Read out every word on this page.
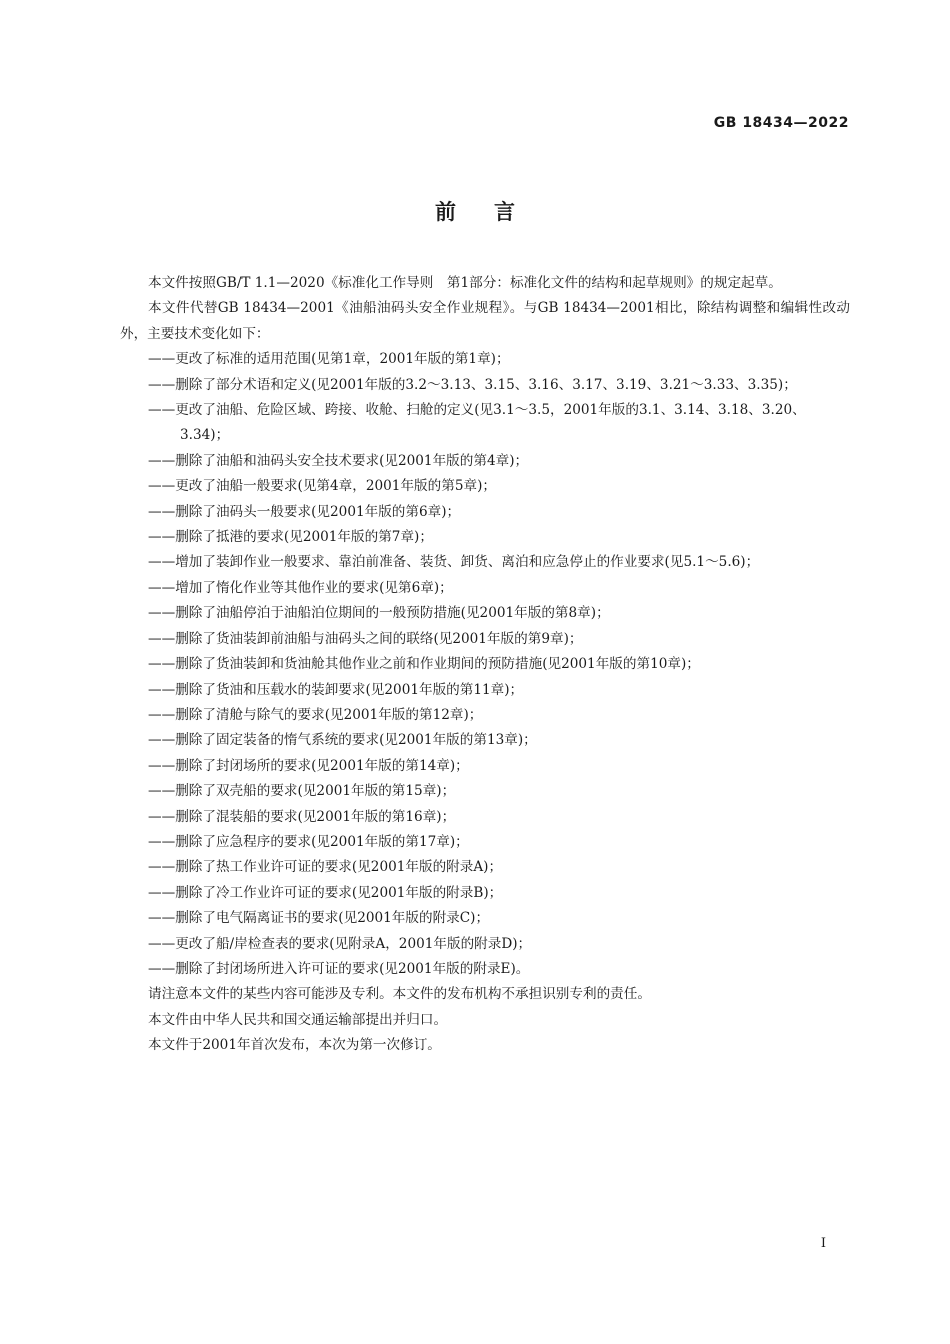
GB 18434—2022
前言

本文件按照GB/T 1.1—2020《标准化工作导则　第1部分：标准化文件的结构和起草规则》的规定起草。

本文件代替GB 18434—2001《油船油码头安全作业规程》。与GB 18434—2001相比，除结构调整和编辑性改动外，主要技术变化如下：

——更改了标准的适用范围(见第1章，2001年版的第1章)；
——删除了部分术语和定义(见2001年版的3.2～3.13、3.15、3.16、3.17、3.19、3.21～3.33、3.35)；
——更改了油船、危险区域、跨接、收舱、扫舱的定义(见3.1～3.5，2001年版的3.1、3.14、3.18、3.20、3.34)；
——删除了油船和油码头安全技术要求(见2001年版的第4章)；
——更改了油船一般要求(见第4章，2001年版的第5章)；
——删除了油码头一般要求(见2001年版的第6章)；
——删除了抵港的要求(见2001年版的第7章)；
——增加了装卸作业一般要求、靠泊前准备、装货、卸货、离泊和应急停止的作业要求(见5.1～5.6)；
——增加了惰化作业等其他作业的要求(见第6章)；
——删除了油船停泊于油船泊位期间的一般预防措施(见2001年版的第8章)；
——删除了货油装卸前油船与油码头之间的联络(见2001年版的第9章)；
——删除了货油装卸和货油舱其他作业之前和作业期间的预防措施(见2001年版的第10章)；
——删除了货油和压载水的装卸要求(见2001年版的第11章)；
——删除了清舱与除气的要求(见2001年版的第12章)；
——删除了固定装备的惰气系统的要求(见2001年版的第13章)；
——删除了封闭场所的要求(见2001年版的第14章)；
——删除了双壳船的要求(见2001年版的第15章)；
——删除了混装船的要求(见2001年版的第16章)；
——删除了应急程序的要求(见2001年版的第17章)；
——删除了热工作业许可证的要求(见2001年版的附录A)；
——删除了冷工作业许可证的要求(见2001年版的附录B)；
——删除了电气隔离证书的要求(见2001年版的附录C)；
——更改了船/岸检查表的要求(见附录A，2001年版的附录D)；
——删除了封闭场所进入许可证的要求(见2001年版的附录E)。

请注意本文件的某些内容可能涉及专利。本文件的发布机构不承担识别专利的责任。

本文件由中华人民共和国交通运输部提出并归口。

本文件于2001年首次发布，本次为第一次修订。

I
